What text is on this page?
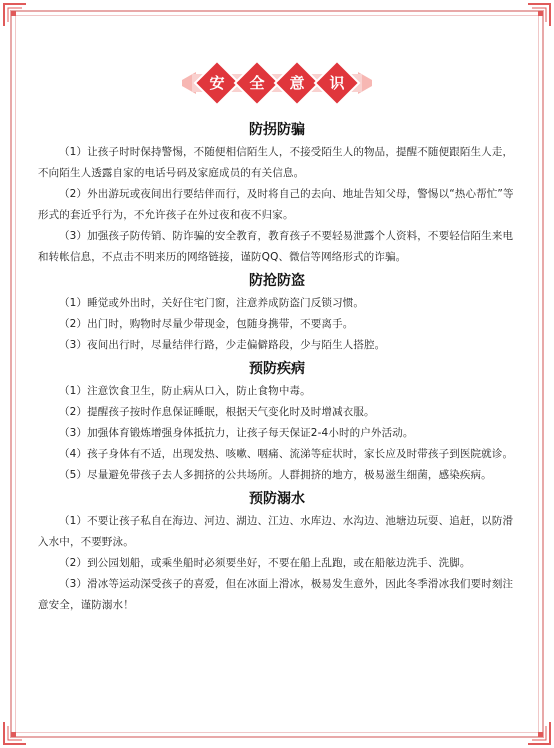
安	全	意	识
防拐防骗

（1）让孩子时时保持警惕，不随便相信陌生人，不接受陌生人的物品，提醒不随便跟陌生人走，不向陌生人透露自家的电话号码及家庭成员的有关信息。

（2）外出游玩或夜间出行要结伴而行，及时将自己的去向、地址告知父母，警惕以“热心帮忙”等形式的套近乎行为，不允许孩子在外过夜和夜不归家。

（3）加强孩子防传销、防诈骗的安全教育，教育孩子不要轻易泄露个人资料，不要轻信陌生来电和转帐信息，不点击不明来历的网络链接，谨防QQ、微信等网络形式的诈骗。

防抢防盗

（1）睡觉或外出时，关好住宅门窗，注意养成防盗门反锁习惯。

（2）出门时，购物时尽量少带现金，包随身携带，不要离手。

（3）夜间出行时，尽量结伴行路，少走偏僻路段，少与陌生人搭腔。

预防疾病

（1）注意饮食卫生，防止病从口入，防止食物中毒。

（2）提醒孩子按时作息保证睡眠，根据天气变化时及时增减衣服。

（3）加强体育锻炼增强身体抵抗力，让孩子每天保证2-4小时的户外活动。

（4）孩子身体有不适，出现发热、咳嗽、咽痛、流涕等症状时，家长应及时带孩子到医院就诊。

（5）尽量避免带孩子去人多拥挤的公共场所。人群拥挤的地方，极易滋生细菌，感染疾病。

预防溺水

（1）不要让孩子私自在海边、河边、湖边、江边、水库边、水沟边、池塘边玩耍、追赶，以防滑入水中，不要野泳。

（2）到公园划船，或乘坐船时必须要坐好，不要在船上乱跑，或在船舷边洗手、洗脚。

（3）滑冰等运动深受孩子的喜爱，但在冰面上滑冰，极易发生意外，因此冬季滑冰我们要时刻注意安全，谨防溺水！
